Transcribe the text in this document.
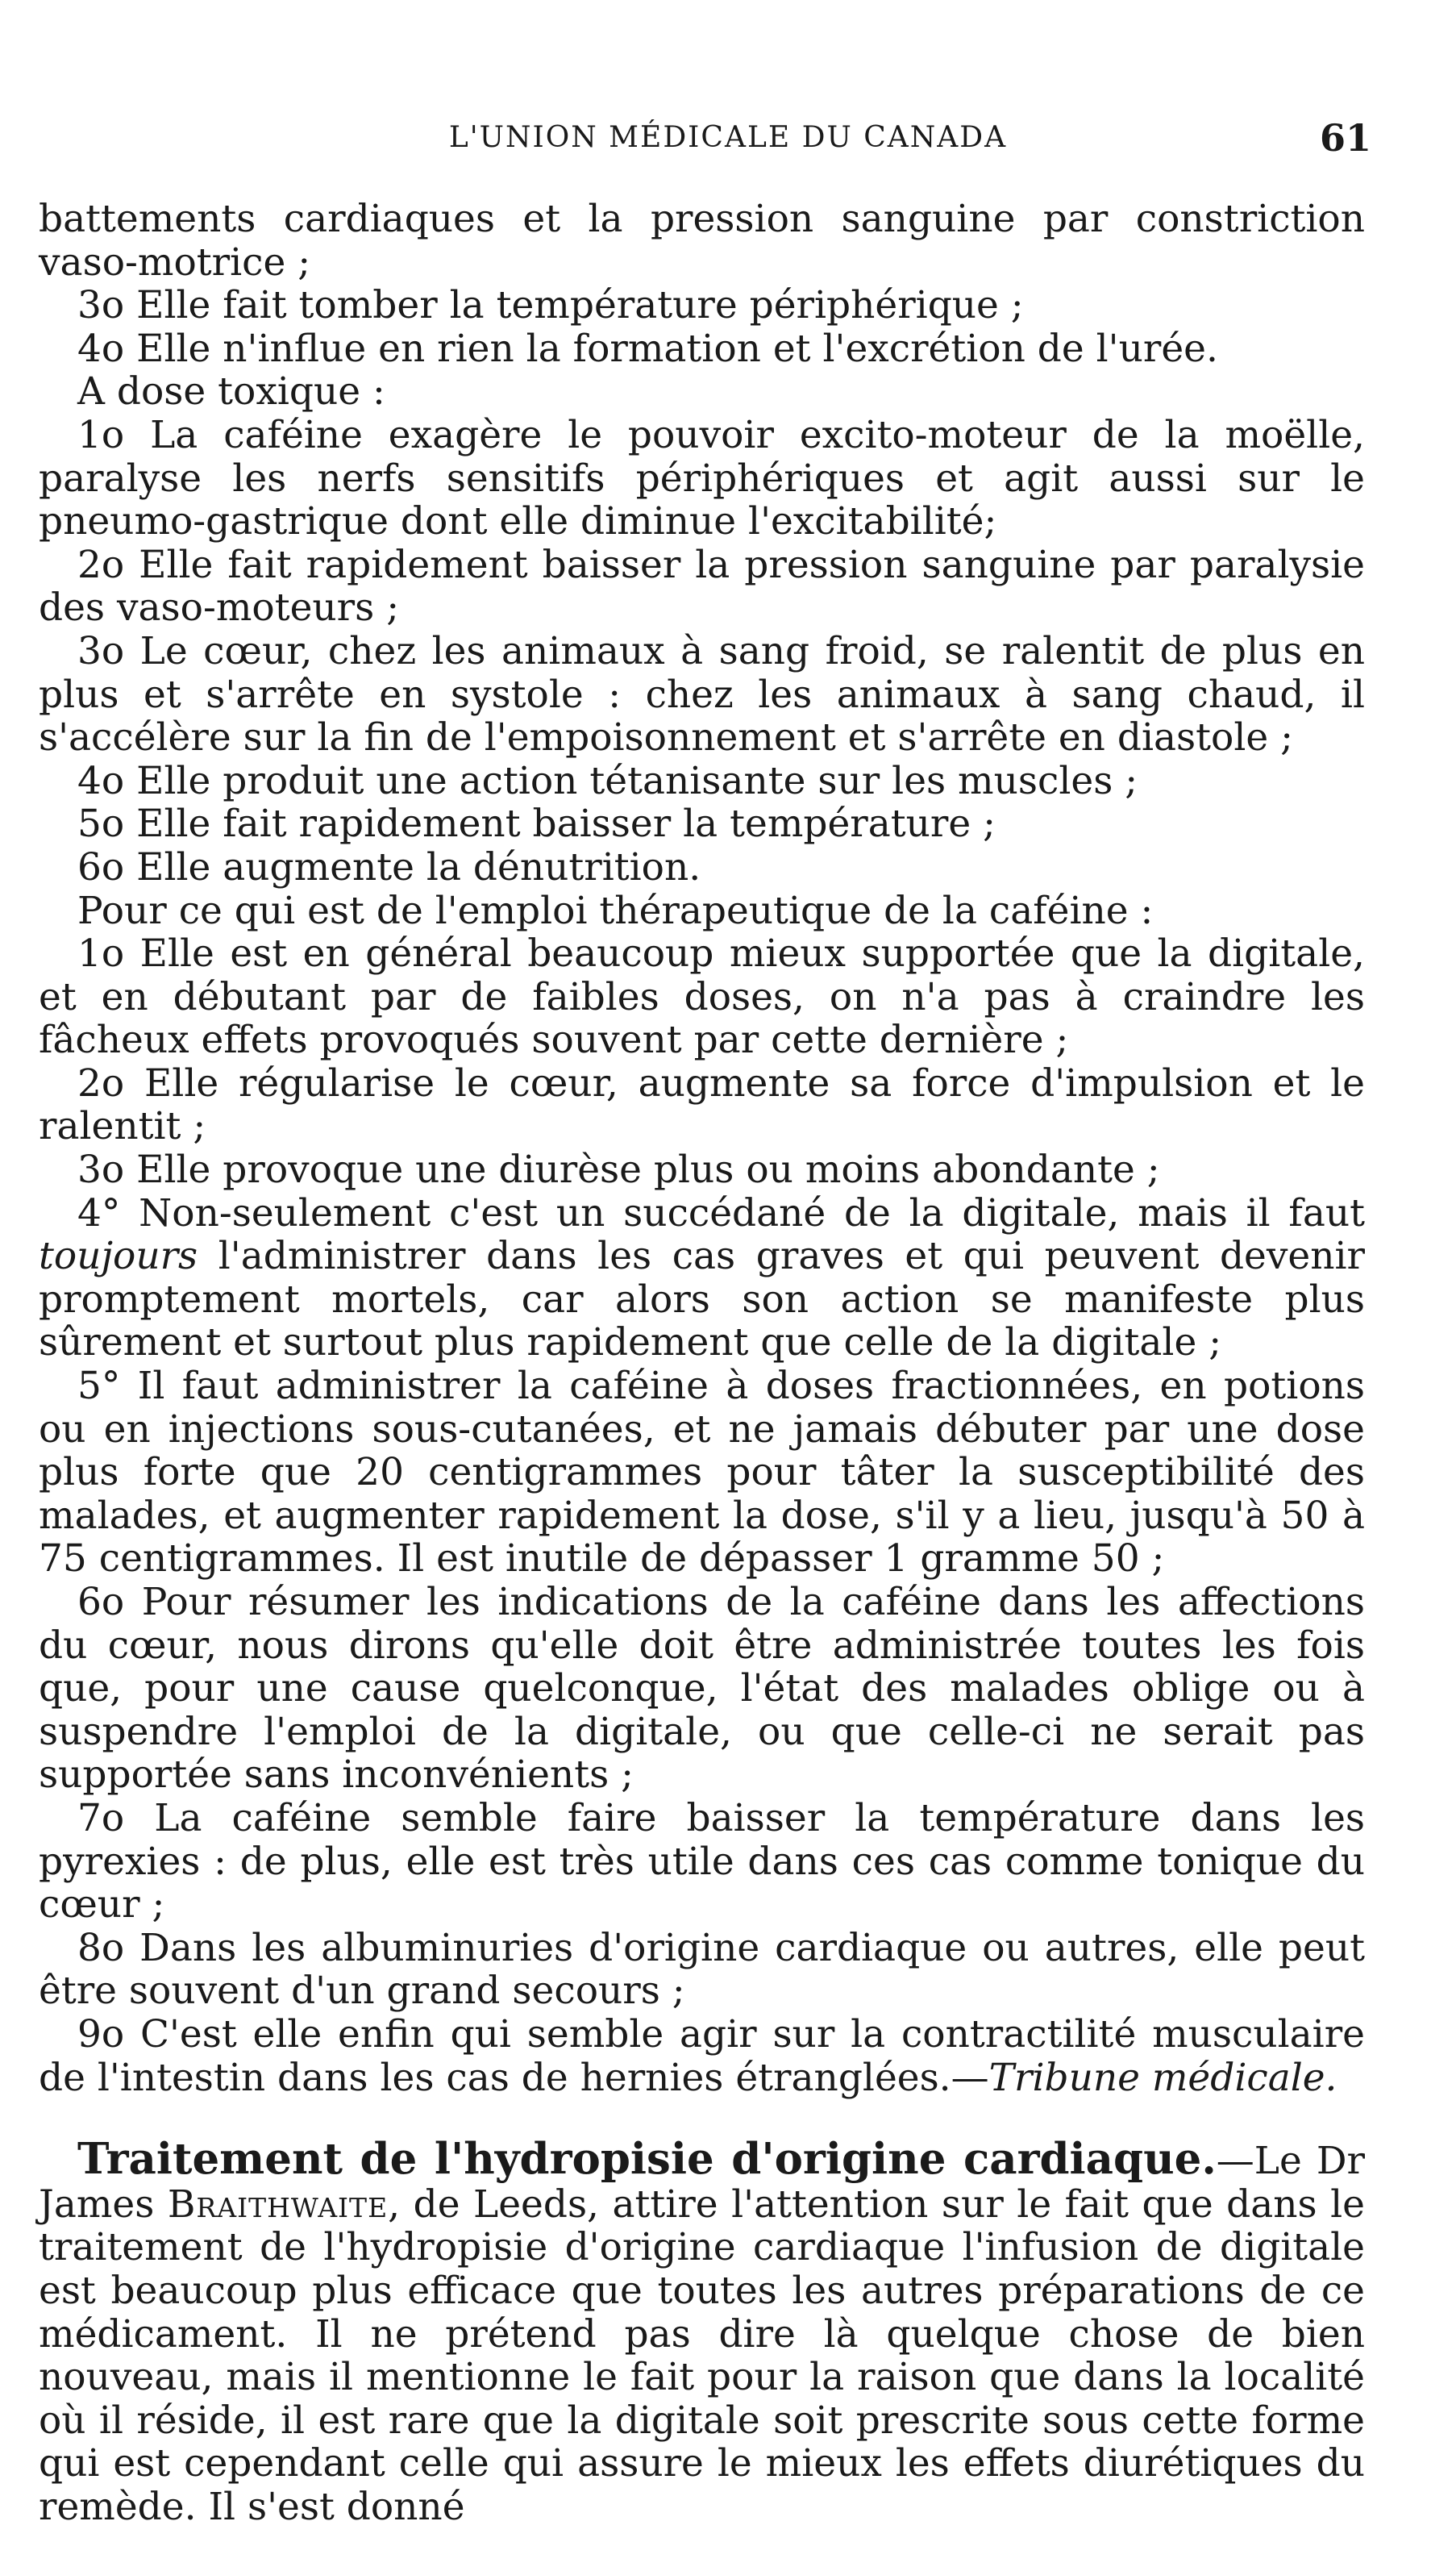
L'UNION MÉDICALE DU CANADA	61

battements cardiaques et la pression sanguine par constriction vaso-motrice ;

3o Elle fait tomber la température périphérique ;

4o Elle n'influe en rien la formation et l'excrétion de l'urée.

A dose toxique :

1o La caféine exagère le pouvoir excito-moteur de la moëlle, paralyse les nerfs sensitifs périphériques et agit aussi sur le pneumo-gastrique dont elle diminue l'excitabilité;

2o Elle fait rapidement baisser la pression sanguine par paralysie des vaso-moteurs ;

3o Le cœur, chez les animaux à sang froid, se ralentit de plus en plus et s'arrête en systole : chez les animaux à sang chaud, il s'accélère sur la fin de l'empoisonnement et s'arrête en diastole ;

4o Elle produit une action tétanisante sur les muscles ;

5o Elle fait rapidement baisser la température ;

6o Elle augmente la dénutrition.

Pour ce qui est de l'emploi thérapeutique de la caféine :

1o Elle est en général beaucoup mieux supportée que la digitale, et en débutant par de faibles doses, on n'a pas à craindre les fâcheux effets provoqués souvent par cette dernière ;

2o Elle régularise le cœur, augmente sa force d'impulsion et le ralentit ;

3o Elle provoque une diurèse plus ou moins abondante ;

4° Non-seulement c'est un succédané de la digitale, mais il faut toujours l'administrer dans les cas graves et qui peuvent devenir promptement mortels, car alors son action se manifeste plus sûrement et surtout plus rapidement que celle de la digitale ;

5° Il faut administrer la caféine à doses fractionnées, en potions ou en injections sous-cutanées, et ne jamais débuter par une dose plus forte que 20 centigrammes pour tâter la susceptibilité des malades, et augmenter rapidement la dose, s'il y a lieu, jusqu'à 50 à 75 centigrammes. Il est inutile de dépasser 1 gramme 50 ;

6o Pour résumer les indications de la caféine dans les affections du cœur, nous dirons qu'elle doit être administrée toutes les fois que, pour une cause quelconque, l'état des malades oblige ou à suspendre l'emploi de la digitale, ou que celle-ci ne serait pas supportée sans inconvénients ;

7o La caféine semble faire baisser la température dans les pyrexies : de plus, elle est très utile dans ces cas comme tonique du cœur ;

8o Dans les albuminuries d'origine cardiaque ou autres, elle peut être souvent d'un grand secours ;

9o C'est elle enfin qui semble agir sur la contractilité musculaire de l'intestin dans les cas de hernies étranglées.—Tribune médicale.

Traitement de l'hydropisie d'origine cardiaque.—Le Dr James Braithwaite, de Leeds, attire l'attention sur le fait que dans le traitement de l'hydropisie d'origine cardiaque l'infusion de digitale est beaucoup plus efficace que toutes les autres préparations de ce médicament. Il ne prétend pas dire là quelque chose de bien nouveau, mais il mentionne le fait pour la raison que dans la localité où il réside, il est rare que la digitale soit prescrite sous cette forme qui est cependant celle qui assure le mieux les effets diurétiques du remède. Il s'est donné
